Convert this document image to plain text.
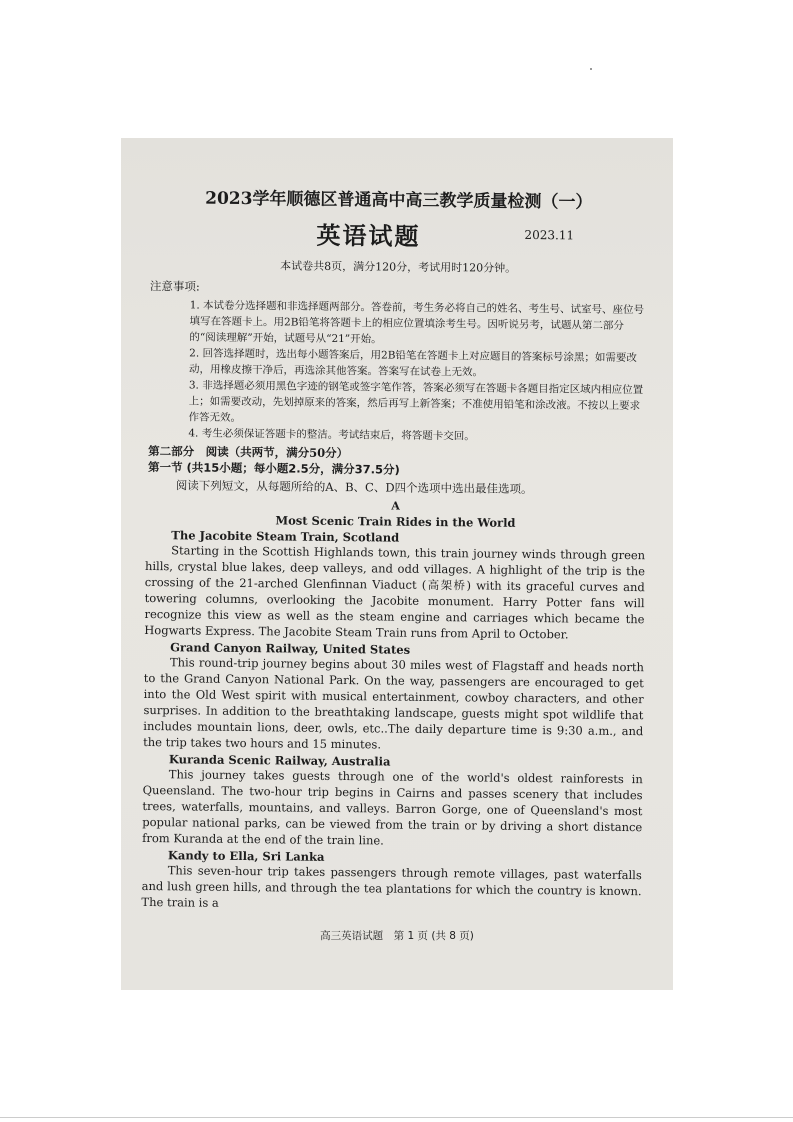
2023学年顺德区普通高中高三教学质量检测（一）
英语试题	2023.11
本试卷共8页，满分120分，考试用时120分钟。
注意事项:
1. 本试卷分选择题和非选择题两部分。答卷前，考生务必将自己的姓名、考生号、试室号、座位号填写在答题卡上。用2B铅笔将答题卡上的相应位置填涂考生号。因听说另考，试题从第二部分的“阅读理解”开始，试题号从“21”开始。
2. 回答选择题时，选出每小题答案后，用2B铅笔在答题卡上对应题目的答案标号涂黑；如需要改动，用橡皮擦干净后，再选涂其他答案。答案写在试卷上无效。
3. 非选择题必须用黑色字迹的钢笔或签字笔作答，答案必须写在答题卡各题目指定区域内相应位置上；如需要改动，先划掉原来的答案，然后再写上新答案；不准使用铅笔和涂改液。不按以上要求作答无效。
4. 考生必须保证答题卡的整洁。考试结束后，将答题卡交回。
第二部分　阅读（共两节，满分50分）
第一节 (共15小题；每小题2.5分，满分37.5分)
阅读下列短文，从每题所给的A、B、C、D四个选项中选出最佳选项。
A
Most Scenic Train Rides in the World
The Jacobite Steam Train, Scotland

Starting in the Scottish Highlands town, this train journey winds through green hills, crystal blue lakes, deep valleys, and odd villages. A highlight of the trip is the crossing of the 21-arched Glenfinnan Viaduct (高架桥) with its graceful curves and towering columns, overlooking the Jacobite monument. Harry Potter fans will recognize this view as well as the steam engine and carriages which became the Hogwarts Express. The Jacobite Steam Train runs from April to October.

Grand Canyon Railway, United States

This round-trip journey begins about 30 miles west of Flagstaff and heads north to the Grand Canyon National Park. On the way, passengers are encouraged to get into the Old West spirit with musical entertainment, cowboy characters, and other surprises. In addition to the breathtaking landscape, guests might spot wildlife that includes mountain lions, deer, owls, etc..The daily departure time is 9:30 a.m., and the trip takes two hours and 15 minutes.

Kuranda Scenic Railway, Australia

This journey takes guests through one of the world's oldest rainforests in Queensland. The two-hour trip begins in Cairns and passes scenery that includes trees, waterfalls, mountains, and valleys. Barron Gorge, one of Queensland's most popular national parks, can be viewed from the train or by driving a short distance from Kuranda at the end of the train line.

Kandy to Ella, Sri Lanka

This seven-hour trip takes passengers through remote villages, past waterfalls and lush green hills, and through the tea plantations for which the country is known. The train is a

高三英语试题　第 1 页 (共 8 页)
